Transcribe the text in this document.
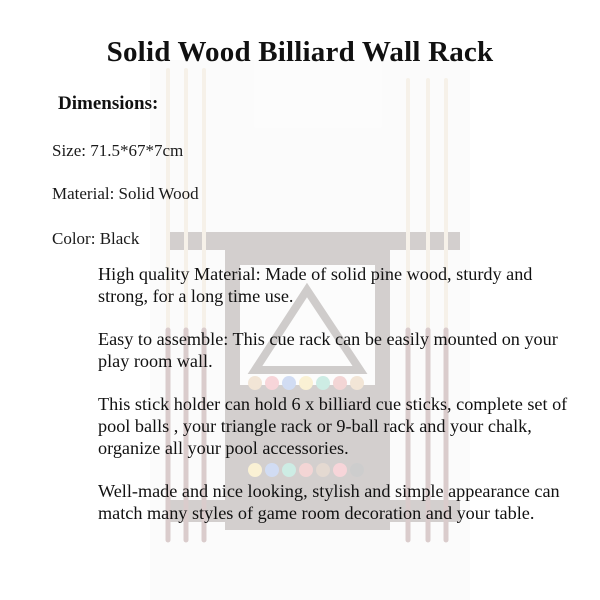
Solid Wood Billiard Wall Rack
Dimensions:
Size: 71.5*67*7cm
Material: Solid Wood
Color: Black

High quality Material: Made of solid pine wood, sturdy and strong, for a long time use.

Easy to assemble: This cue rack can be easily mounted on your play room wall.

This stick holder can hold 6 x billiard cue sticks, complete set of pool balls , your triangle rack or 9-ball rack and your chalk, organize all your pool accessories.

Well-made and nice looking, stylish and simple appearance can match many styles of game room decoration and your table.
